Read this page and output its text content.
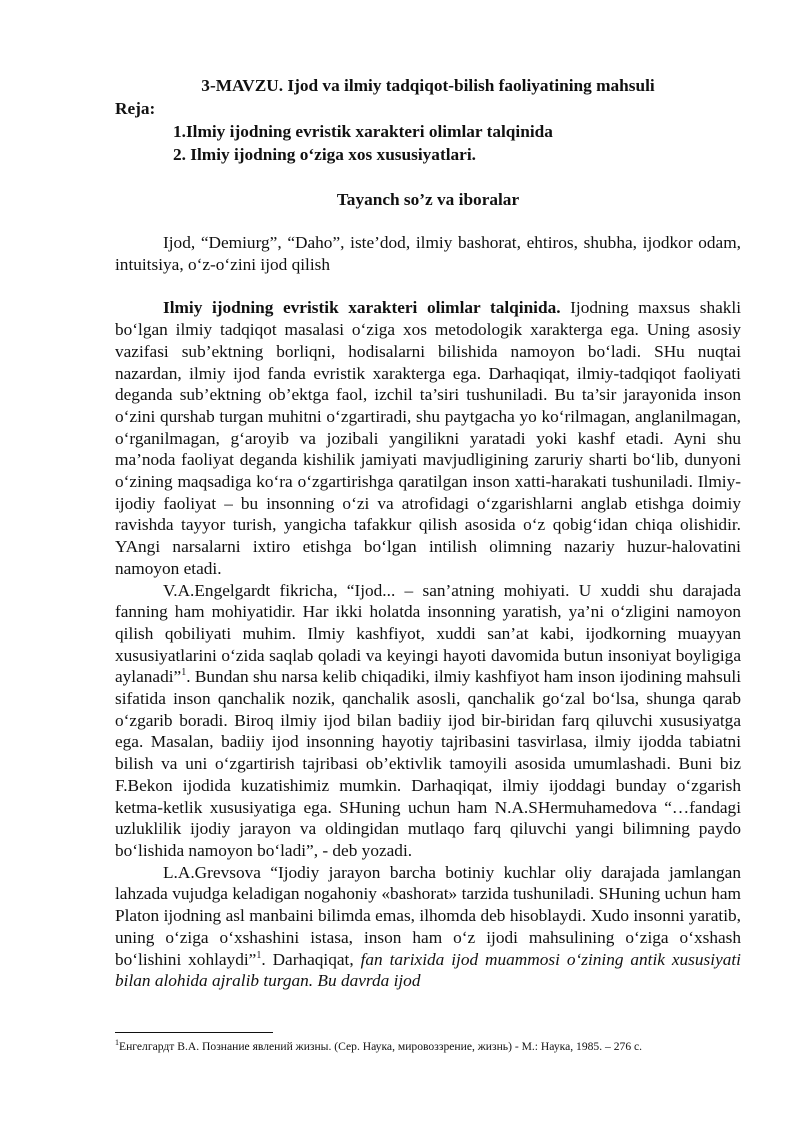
3-MAVZU. Ijod va ilmiy tadqiqot-bilish faoliyatining mahsuli

Reja:

1.Ilmiy ijodning evristik xarakteri olimlar talqinida

2. Ilmiy ijodning o‘ziga xos xususiyatlari.

Tayanch so’z va iboralar

Ijod, “Demiurg”, “Daho”, iste’dod, ilmiy bashorat, ehtiros, shubha, ijodkor odam, intuitsiya, o‘z-o‘zini ijod qilish

Ilmiy ijodning evristik xarakteri olimlar talqinida. Ijodning maxsus shakli bo‘lgan ilmiy tadqiqot masalasi o‘ziga xos metodologik xarakterga ega. Uning asosiy vazifasi sub’ektning borliqni, hodisalarni bilishida namoyon bo‘ladi. SHu nuqtai nazardan, ilmiy ijod fanda evristik xarakterga ega. Darhaqiqat, ilmiy-tadqiqot faoliyati deganda sub’ektning ob’ektga faol, izchil ta’siri tushuniladi. Bu ta’sir jarayonida inson o‘zini qurshab turgan muhitni o‘zgartiradi, shu paytgacha yo ko‘rilmagan, anglanilmagan, o‘rganilmagan, g‘aroyib va jozibali yangilikni yaratadi yoki kashf etadi. Ayni shu ma’noda faoliyat deganda kishilik jamiyati mavjudligining zaruriy sharti bo‘lib, dunyoni o‘zining maqsadiga ko‘ra o‘zgartirishga qaratilgan inson xatti-harakati tushuniladi. Ilmiy-ijodiy faoliyat – bu insonning o‘zi va atrofidagi o‘zgarishlarni anglab etishga doimiy ravishda tayyor turish, yangicha tafakkur qilish asosida o‘z qobig‘idan chiqa olishidir. YAngi narsalarni ixtiro etishga bo‘lgan intilish olimning nazariy huzur-halovatini namoyon etadi.

V.A.Engelgardt fikricha, “Ijod... – san’atning mohiyati. U xuddi shu darajada fanning ham mohiyatidir. Har ikki holatda insonning yaratish, ya’ni o‘zligini namoyon qilish qobiliyati muhim. Ilmiy kashfiyot, xuddi san’at kabi, ijodkorning muayyan xususiyatlarini o‘zida saqlab qoladi va keyingi hayoti davomida butun insoniyat boyligiga aylanadi”$^1$. Bundan shu narsa kelib chiqadiki, ilmiy kashfiyot ham inson ijodining mahsuli sifatida inson qanchalik nozik, qanchalik asosli, qanchalik go‘zal bo‘lsa, shunga qarab o‘zgarib boradi. Biroq ilmiy ijod bilan badiiy ijod bir-biridan farq qiluvchi xususiyatga ega. Masalan, badiiy ijod insonning hayotiy tajribasini tasvirlasa, ilmiy ijodda tabiatni bilish va uni o‘zgartirish tajribasi ob’ektivlik tamoyili asosida umumlashadi. Buni biz F.Bekon ijodida kuzatishimiz mumkin. Darhaqiqat, ilmiy ijoddagi bunday o‘zgarish ketma-ketlik xususiyatiga ega. SHuning uchun ham N.A.SHermuhamedova “…fandagi uzluklilik ijodiy jarayon va oldingidan mutlaqo farq qiluvchi yangi bilimning paydo bo‘lishida namoyon bo‘ladi”, - deb yozadi.

L.A.Grevsova “Ijodiy jarayon barcha botiniy kuchlar oliy darajada jamlangan lahzada vujudga keladigan nogahoniy «bashorat» tarzida tushuniladi. SHuning uchun ham Platon ijodning asl manbaini bilimda emas, ilhomda deb hisoblaydi. Xudo insonni yaratib, uning o‘ziga o‘xshashini istasa, inson ham o‘z ijodi mahsulining o‘ziga o‘xshash bo‘lishini xohlaydi”$^1$. Darhaqiqat, fan tarixida ijod muammosi o‘zining antik xususiyati bilan alohida ajralib turgan. Bu davrda ijod

$^1$Енгелгардт В.А. Познание явлений жизны. (Сер. Наука, мировоззрение, жизнь) - М.: Наука, 1985. – 276 с.
